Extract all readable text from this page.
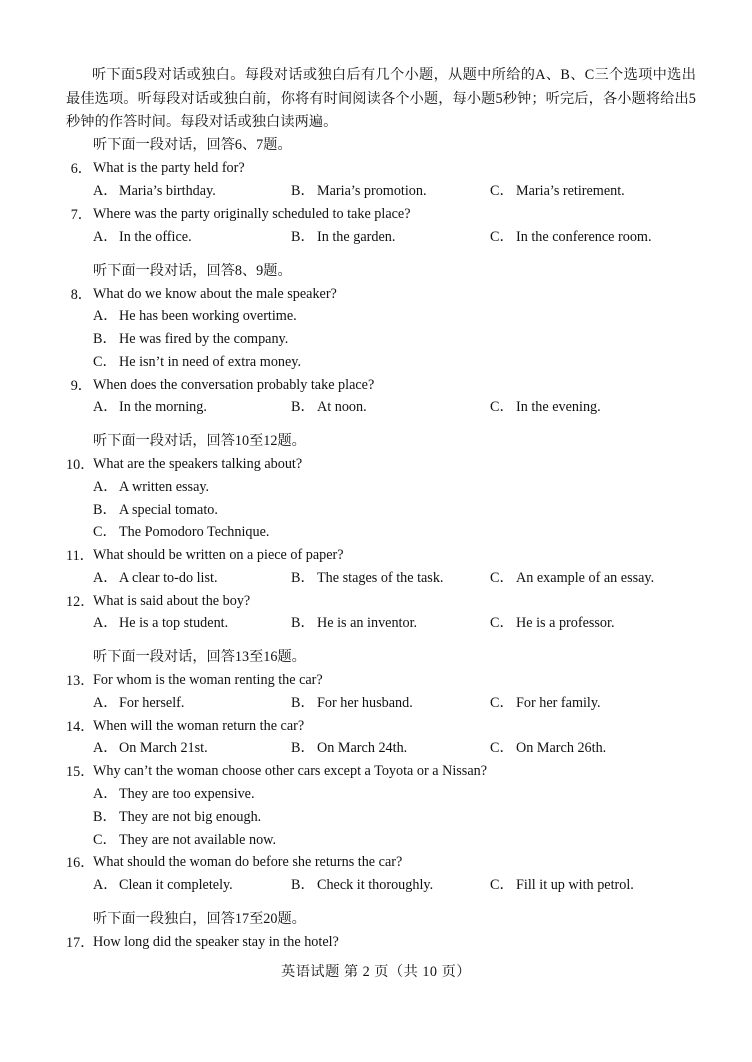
听下面5段对话或独白。每段对话或独白后有几个小题，从题中所给的A、B、C三个选项中选出最佳选项。听每段对话或独白前，你将有时间阅读各个小题，每小题5秒钟；听完后，各小题将给出5秒钟的作答时间。每段对话或独白读两遍。
听下面一段对话，回答6、7题。
6． What is the party held for?
A． Maria’s birthday.	B． Maria’s promotion.	C． Maria’s retirement.
7． Where was the party originally scheduled to take place?
A． In the office.	B． In the garden.	C． In the conference room.
听下面一段对话，回答8、9题。
8． What do we know about the male speaker?
A． He has been working overtime.
B． He was fired by the company.
C． He isn’t in need of extra money.
9． When does the conversation probably take place?
A． In the morning.	B． At noon.	C． In the evening.
听下面一段对话，回答10至12题。
10．
What are the speakers talking about?
A． A written essay.
B． A special tomato.
C． The Pomodoro Technique.
11． What should be written on a piece of paper?
A． A clear to-do list.	B． The stages of the task.	C． An example of an essay.
12．
What is said about the boy?
A． He is a top student.	B． He is an inventor.	C． He is a professor.
听下面一段对话，回答13至16题。
13．
For whom is the woman renting the car?
A． For herself.	B． For her husband.	C． For her family.
14．
When will the woman return the car?
A． On March 21st.	B． On March 24th.	C． On March 26th.
15．
Why can’t the woman choose other cars except a Toyota or a Nissan?
A． They are too expensive.
B． They are not big enough.
C． They are not available now.
16．
What should the woman do before she returns the car?
A． Clean it completely.	B． Check it thoroughly.	C． Fill it up with petrol.
听下面一段独白，回答17至20题。
17．
How long did the speaker stay in the hotel?
英语试题 第 2 页（共 10 页）
